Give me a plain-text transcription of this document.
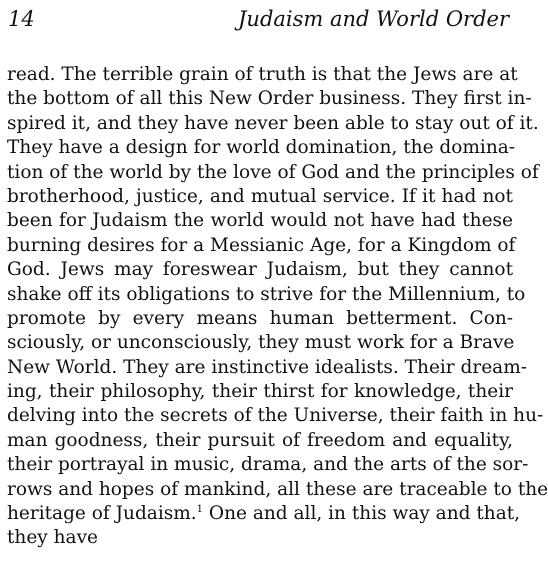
14	Judaism and World Order
read. The terrible grain of truth is that the Jews are at
the bottom of all this New Order business. They first in-
spired it, and they have never been able to stay out of it.
They have a design for world domination, the domina-
tion of the world by the love of God and the principles of
brotherhood, justice, and mutual service. If it had not
been for Judaism the world would not have had these
burning desires for a Messianic Age, for a Kingdom of
God. Jews may foreswear Judaism, but they cannot
shake off its obligations to strive for the Millennium, to
promote by every means human betterment. Con-
sciously, or unconsciously, they must work for a Brave
New World. They are instinctive idealists. Their dream-
ing, their philosophy, their thirst for knowledge, their
delving into the secrets of the Universe, their faith in hu-
man goodness, their pursuit of freedom and equality,
their portrayal in music, drama, and the arts of the sor-
rows and hopes of mankind, all these are traceable to the
heritage of Judaism.$^1$ One and all, in this way and that,
they have
